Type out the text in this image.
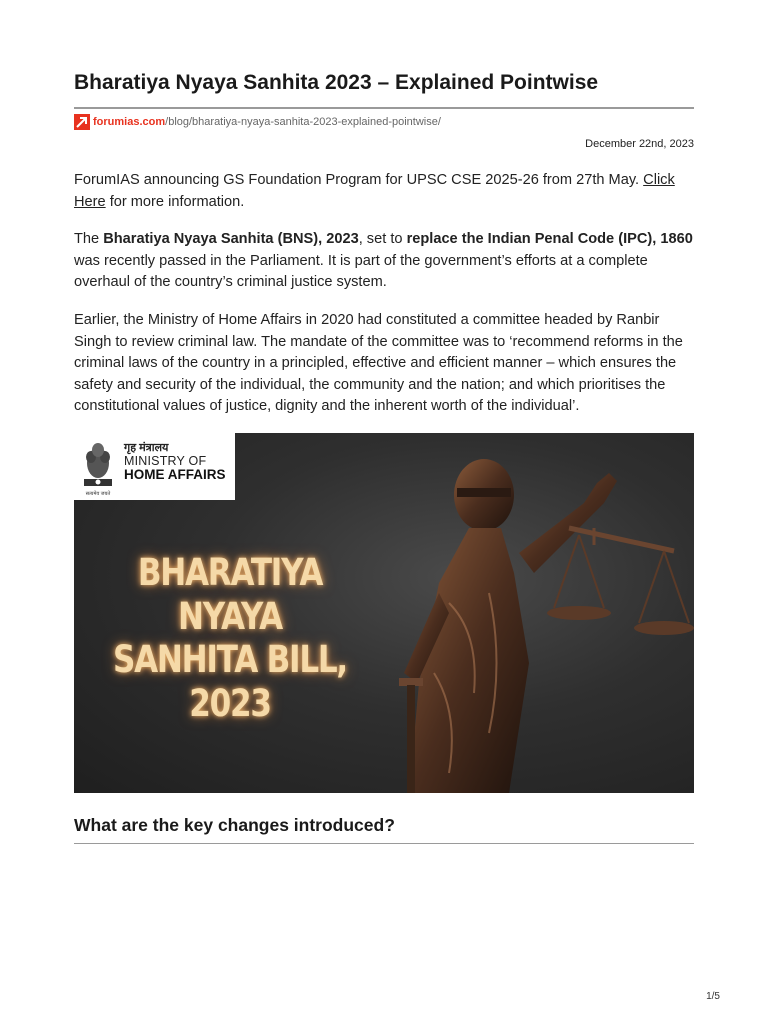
Bharatiya Nyaya Sanhita 2023 – Explained Pointwise
forumias.com /blog/bharatiya-nyaya-sanhita-2023-explained-pointwise/
December 22nd, 2023

ForumIAS announcing GS Foundation Program for UPSC CSE 2025-26 from 27th May. Click Here for more information.

The Bharatiya Nyaya Sanhita (BNS), 2023, set to replace the Indian Penal Code (IPC), 1860 was recently passed in the Parliament. It is part of the government’s efforts at a complete overhaul of the country’s criminal justice system.

Earlier, the Ministry of Home Affairs in 2020 had constituted a committee headed by Ranbir Singh to review criminal law. The mandate of the committee was to ‘recommend reforms in the criminal laws of the country in a principled, effective and efficient manner – which ensures the safety and security of the individual, the community and the nation; and which prioritises the constitutional values of justice, dignity and the inherent worth of the individual’.

सत्यमेव जयते
गृह मंत्रालय
MINISTRY OF
HOME AFFAIRS
BHARATIYA NYAYA
SANHITA BILL,
2023
What are the key changes introduced?
1/5
